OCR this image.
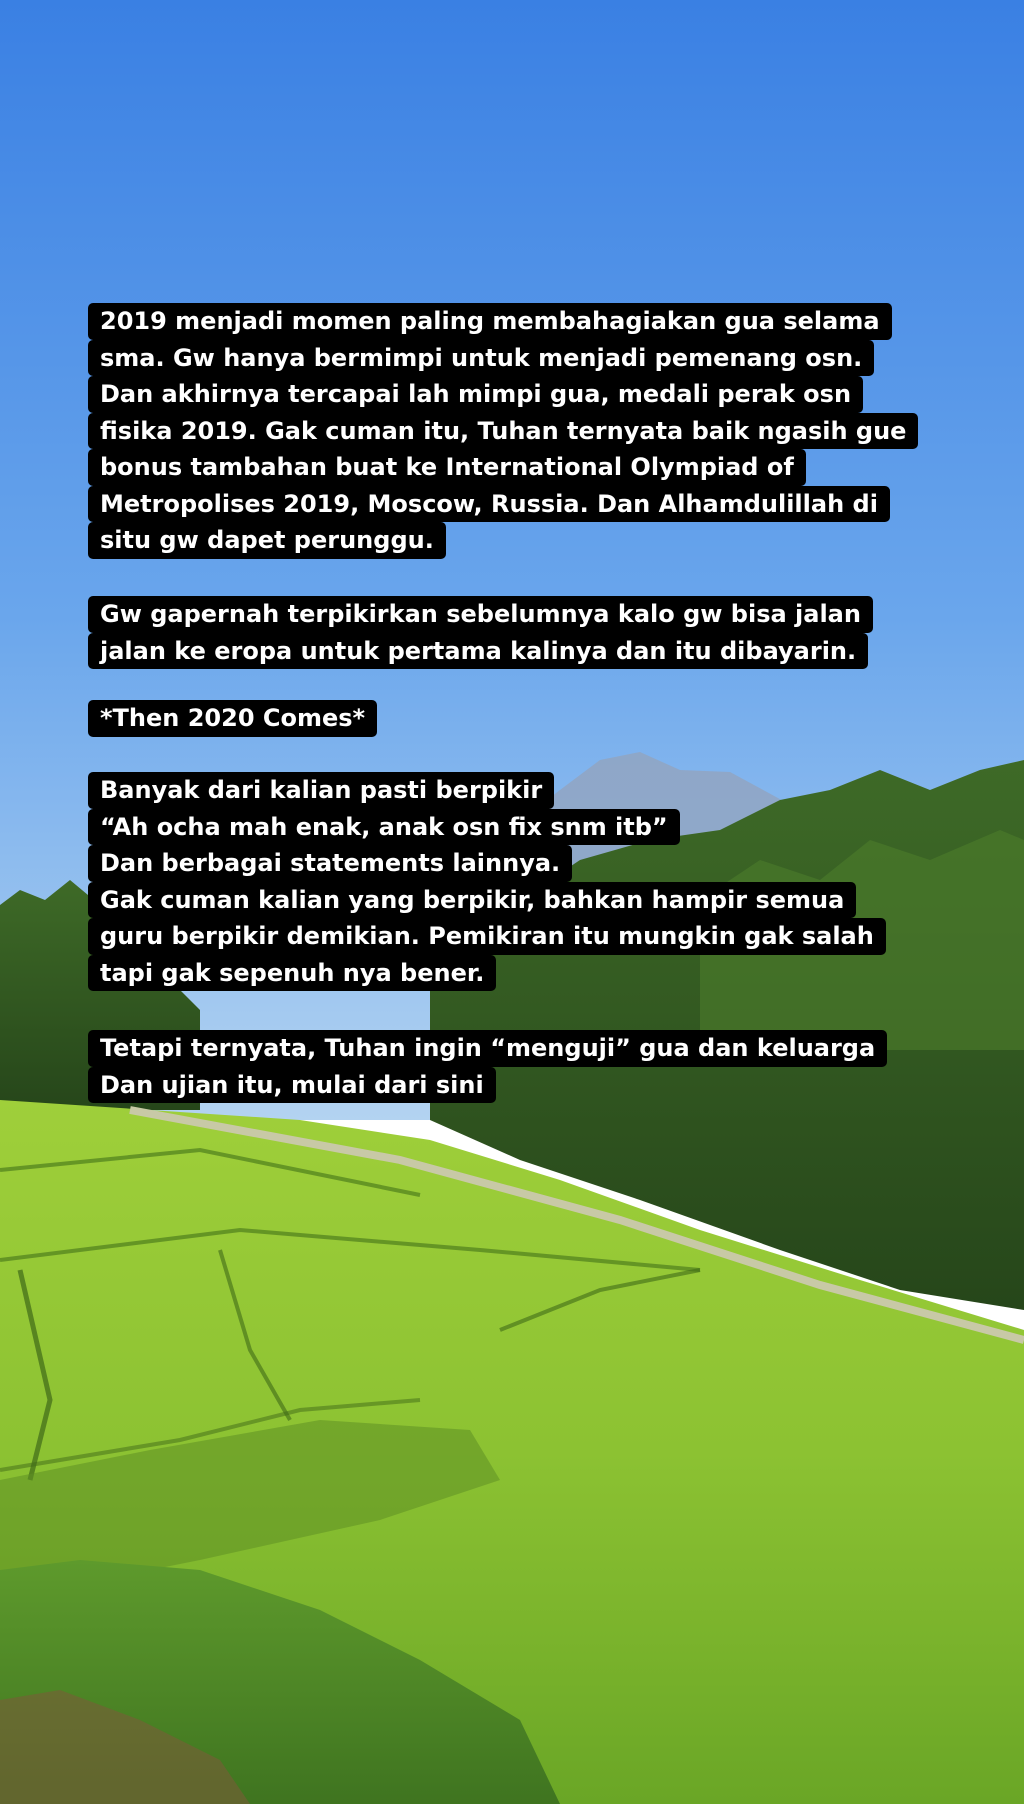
2019 menjadi momen paling membahagiakan gua selama
sma. Gw hanya bermimpi untuk menjadi pemenang osn.
Dan akhirnya tercapai lah mimpi gua, medali perak osn
fisika 2019. Gak cuman itu, Tuhan ternyata baik ngasih gue
bonus tambahan buat ke International Olympiad of
Metropolises 2019, Moscow, Russia. Dan Alhamdulillah di
situ gw dapet perunggu.
Gw gapernah terpikirkan sebelumnya kalo gw bisa jalan
jalan ke eropa untuk pertama kalinya dan itu dibayarin.
*Then 2020 Comes*
Banyak dari kalian pasti berpikir
“Ah ocha mah enak, anak osn fix snm itb”
Dan berbagai statements lainnya.
Gak cuman kalian yang berpikir, bahkan hampir semua
guru berpikir demikian. Pemikiran itu mungkin gak salah
tapi gak sepenuh nya bener.
Tetapi ternyata, Tuhan ingin “menguji” gua dan keluarga
Dan ujian itu, mulai dari sini
